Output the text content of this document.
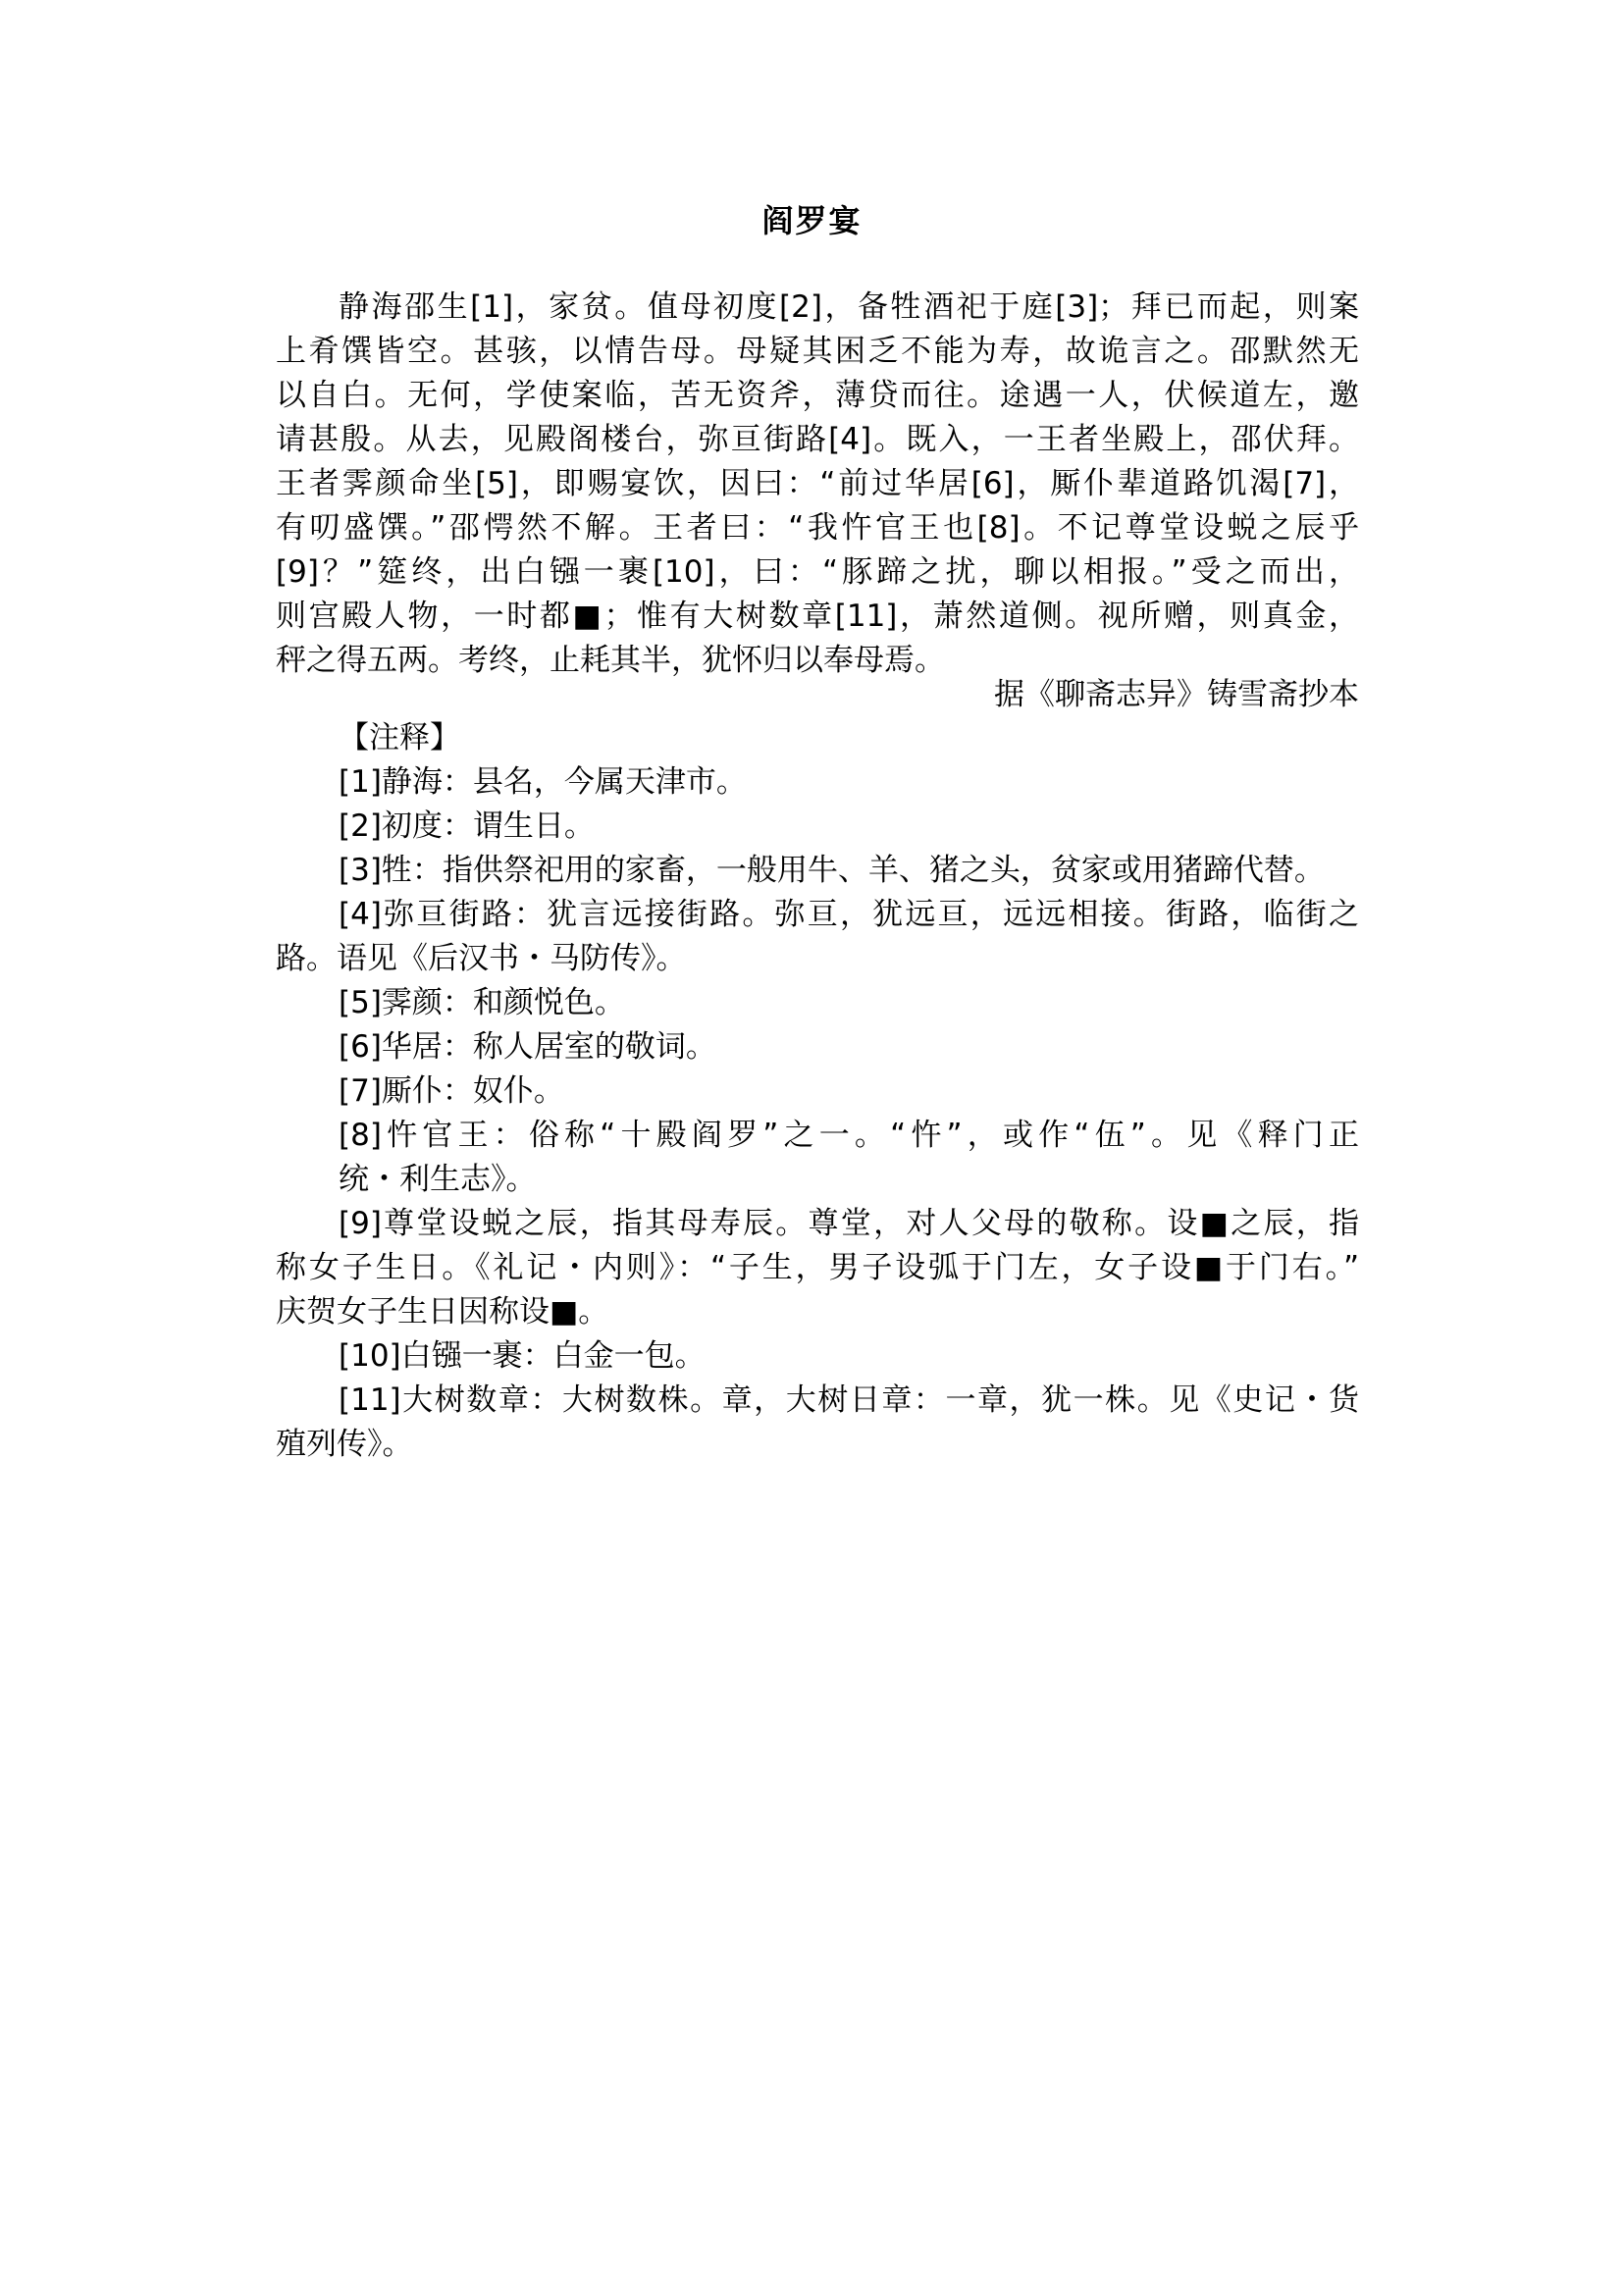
阎罗宴
静海邵生[1]，家贫。值母初度[2]，备牲酒祀于庭[3]；拜已而起，则案
上肴馔皆空。甚骇，以情告母。母疑其困乏不能为寿，故诡言之。邵默然无
以自白。无何，学使案临，苦无资斧，薄贷而往。途遇一人，伏候道左，邀
请甚殷。从去，见殿阁楼台，弥亘街路[4]。既入，一王者坐殿上，邵伏拜。
王者霁颜命坐[5]，即赐宴饮，因曰：“前过华居[6]，厮仆辈道路饥渴[7]，
有叨盛馔。”邵愕然不解。王者曰：“我忤官王也[8]。不记尊堂设蜕之辰乎
[9]？”筵终，出白镪一裹[10]，曰：“豚蹄之扰，聊以相报。”受之而出，
则宫殿人物，一时都■；惟有大树数章[11]，萧然道侧。视所赠，则真金，
秤之得五两。考终，止耗其半，犹怀归以奉母焉。
据《聊斋志异》铸雪斋抄本
【注释】
[1]静海：县名，今属天津市。
[2]初度：谓生日。
[3]牲：指供祭祀用的家畜，一般用牛、羊、猪之头，贫家或用猪蹄代替。
[4]弥亘街路：犹言远接街路。弥亘，犹远亘，远远相接。街路，临街之
路。语见《后汉书・马防传》。
[5]霁颜：和颜悦色。
[6]华居：称人居室的敬词。
[7]厮仆：奴仆。
[8]忤官王：俗称“十殿阎罗”之一。“忤”，或作“伍”。见《释门正
统・利生志》。
[9]尊堂设蜕之辰，指其母寿辰。尊堂，对人父母的敬称。设■之辰，指
称女子生日。《礼记・内则》：“子生，男子设弧于门左，女子设■于门右。”
庆贺女子生日因称设■。
[10]白镪一裹：白金一包。
[11]大树数章：大树数株。章，大树日章：一章，犹一株。见《史记・货
殖列传》。
